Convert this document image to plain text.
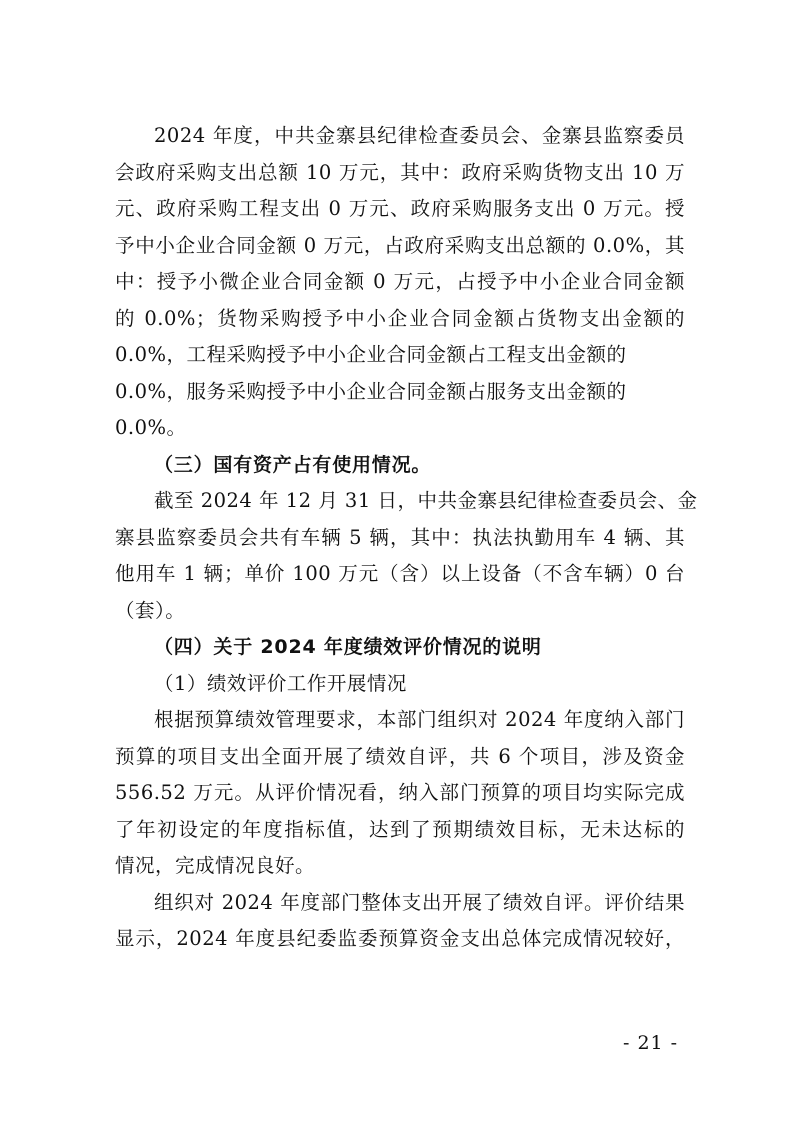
2024 年度，中共金寨县纪律检查委员会、金寨县监察委员
会政府采购支出总额 10 万元，其中：政府采购货物支出 10 万
元、政府采购工程支出 0 万元、政府采购服务支出 0 万元。授
予中小企业合同金额 0 万元，占政府采购支出总额的 0.0%，其
中：授予小微企业合同金额 0 万元，占授予中小企业合同金额
的 0.0%；货物采购授予中小企业合同金额占货物支出金额的
0.0%，工程采购授予中小企业合同金额占工程支出金额的
0.0%，服务采购授予中小企业合同金额占服务支出金额的
0.0%。
（三）国有资产占有使用情况。
截至 2024 年 12 月 31 日，中共金寨县纪律检查委员会、金
寨县监察委员会共有车辆 5 辆，其中：执法执勤用车 4 辆、其
他用车 1 辆；单价 100 万元（含）以上设备（不含车辆）0 台
（套）。
（四）关于 2024 年度绩效评价情况的说明
（1）绩效评价工作开展情况
根据预算绩效管理要求，本部门组织对 2024 年度纳入部门
预算的项目支出全面开展了绩效自评，共 6 个项目，涉及资金
556.52 万元。从评价情况看，纳入部门预算的项目均实际完成
了年初设定的年度指标值，达到了预期绩效目标，无未达标的
情况，完成情况良好。
组织对 2024 年度部门整体支出开展了绩效自评。评价结果
显示，2024 年度县纪委监委预算资金支出总体完成情况较好，
- 21 -
